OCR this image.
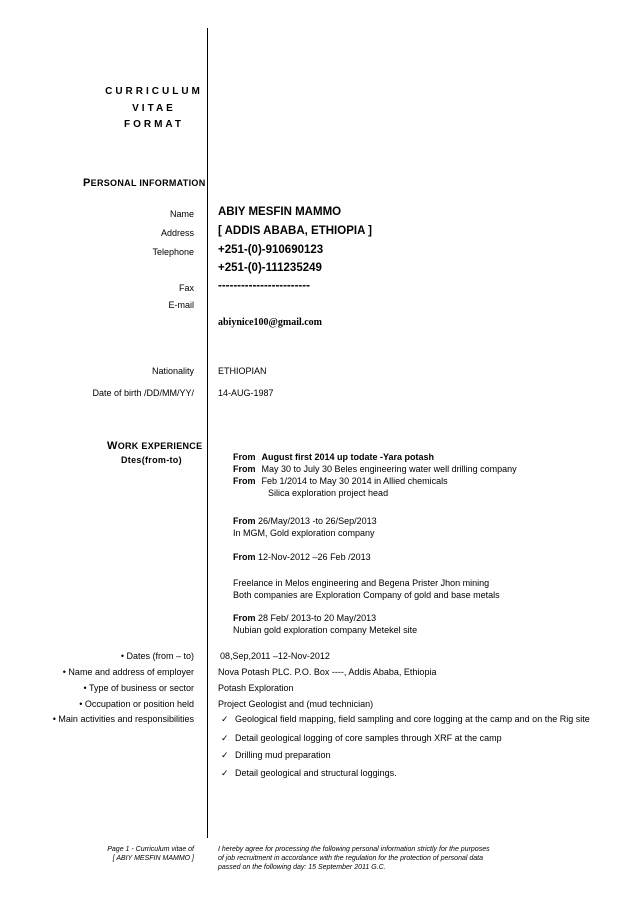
CURRICULUM
VITAE
FORMAT
PERSONAL INFORMATION
Name ABIY MESFIN MAMMO
Address [ ADDIS ABABA, ETHIOPIA ]
Telephone +251-(0)-910690123
+251-(0)-111235249
Fax ------------------------
E-mail
abiynice100@gmail.com
Nationality	ETHIOPIAN
Date of birth /DD/MM/YY/	14-AUG-1987
WORK EXPERIENCE
Dtes(from-to)	From August first 2014 up todate -Yara potash
From May 30 to July 30 Beles engineering water well drilling company
From Feb 1/2014 to May 30 2014 in Allied chemicals
Silica exploration project head
From 26/May/2013 -to 26/Sep/2013
In MGM, Gold exploration company
From 12-Nov-2012 –26 Feb /2013
Freelance in Melos engineering and Begena Prister Jhon mining
Both companies are Exploration Company of gold and base metals
From 28 Feb/ 2013-to 20 May/2013
Nubian gold exploration company Metekel site
• Dates (from – to)	08,Sep,2011 –12-Nov-2012
• Name and address of employer	Nova Potash PLC. P.O. Box ----, Addis Ababa, Ethiopia
• Type of business or sector	Potash Exploration
• Occupation or position held	Project Geologist and (mud technician)
• Main activities and responsibilities	✓ Geological field mapping, field sampling and core logging at the camp and on the Rig site
✓ Detail geological logging of core samples through XRF at the camp
✓ Drilling mud preparation
✓ Detail geological and structural loggings.
Page 1 - Curriculum vitae of
[ ABIY MESFIN MAMMO ]
I hereby agree for processing the following personal information strictly for the purposes
of job recruitment in accordance with the regulation for the protection of personal data
passed on the following day: 15 September 2011 G.C.
